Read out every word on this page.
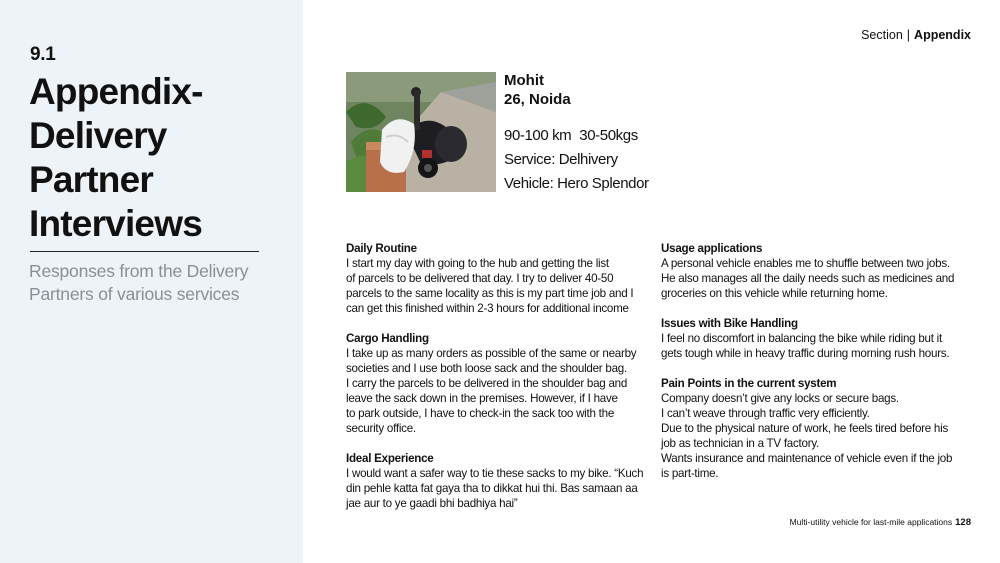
9.1
Appendix-
Delivery
Partner
Interviews
Responses from the Delivery
Partners of various services
Section | Appendix
Mohit
26, Noida
90-100 km 30-50kgs
Service: Delhivery
Vehicle: Hero Splendor
Daily Routine

I start my day with going to the hub and getting the list
of parcels to be delivered that day. I try to deliver 40-50
parcels to the same locality as this is my part time job and I
can get this finished within 2-3 hours for additional income

Cargo Handling

I take up as many orders as possible of the same or nearby
societies and I use both loose sack and the shoulder bag.
I carry the parcels to be delivered in the shoulder bag and
leave the sack down in the premises. However, if I have
to park outside, I have to check-in the sack too with the
security office.

Ideal Experience

I would want a safer way to tie these sacks to my bike. “Kuch
din pehle katta fat gaya tha to dikkat hui thi. Bas samaan aa
jae aur to ye gaadi bhi badhiya hai”

Usage applications

A personal vehicle enables me to shuffle between two jobs.
He also manages all the daily needs such as medicines and
groceries on this vehicle while returning home.

Issues with Bike Handling

I feel no discomfort in balancing the bike while riding but it
gets tough while in heavy traffic during morning rush hours.

Pain Points in the current system

Company doesn’t give any locks or secure bags.
I can’t weave through traffic very efficiently.
Due to the physical nature of work, he feels tired before his
job as technician in a TV factory.
Wants insurance and maintenance of vehicle even if the job
is part-time.

Multi-utility vehicle for last-mile applications 128
